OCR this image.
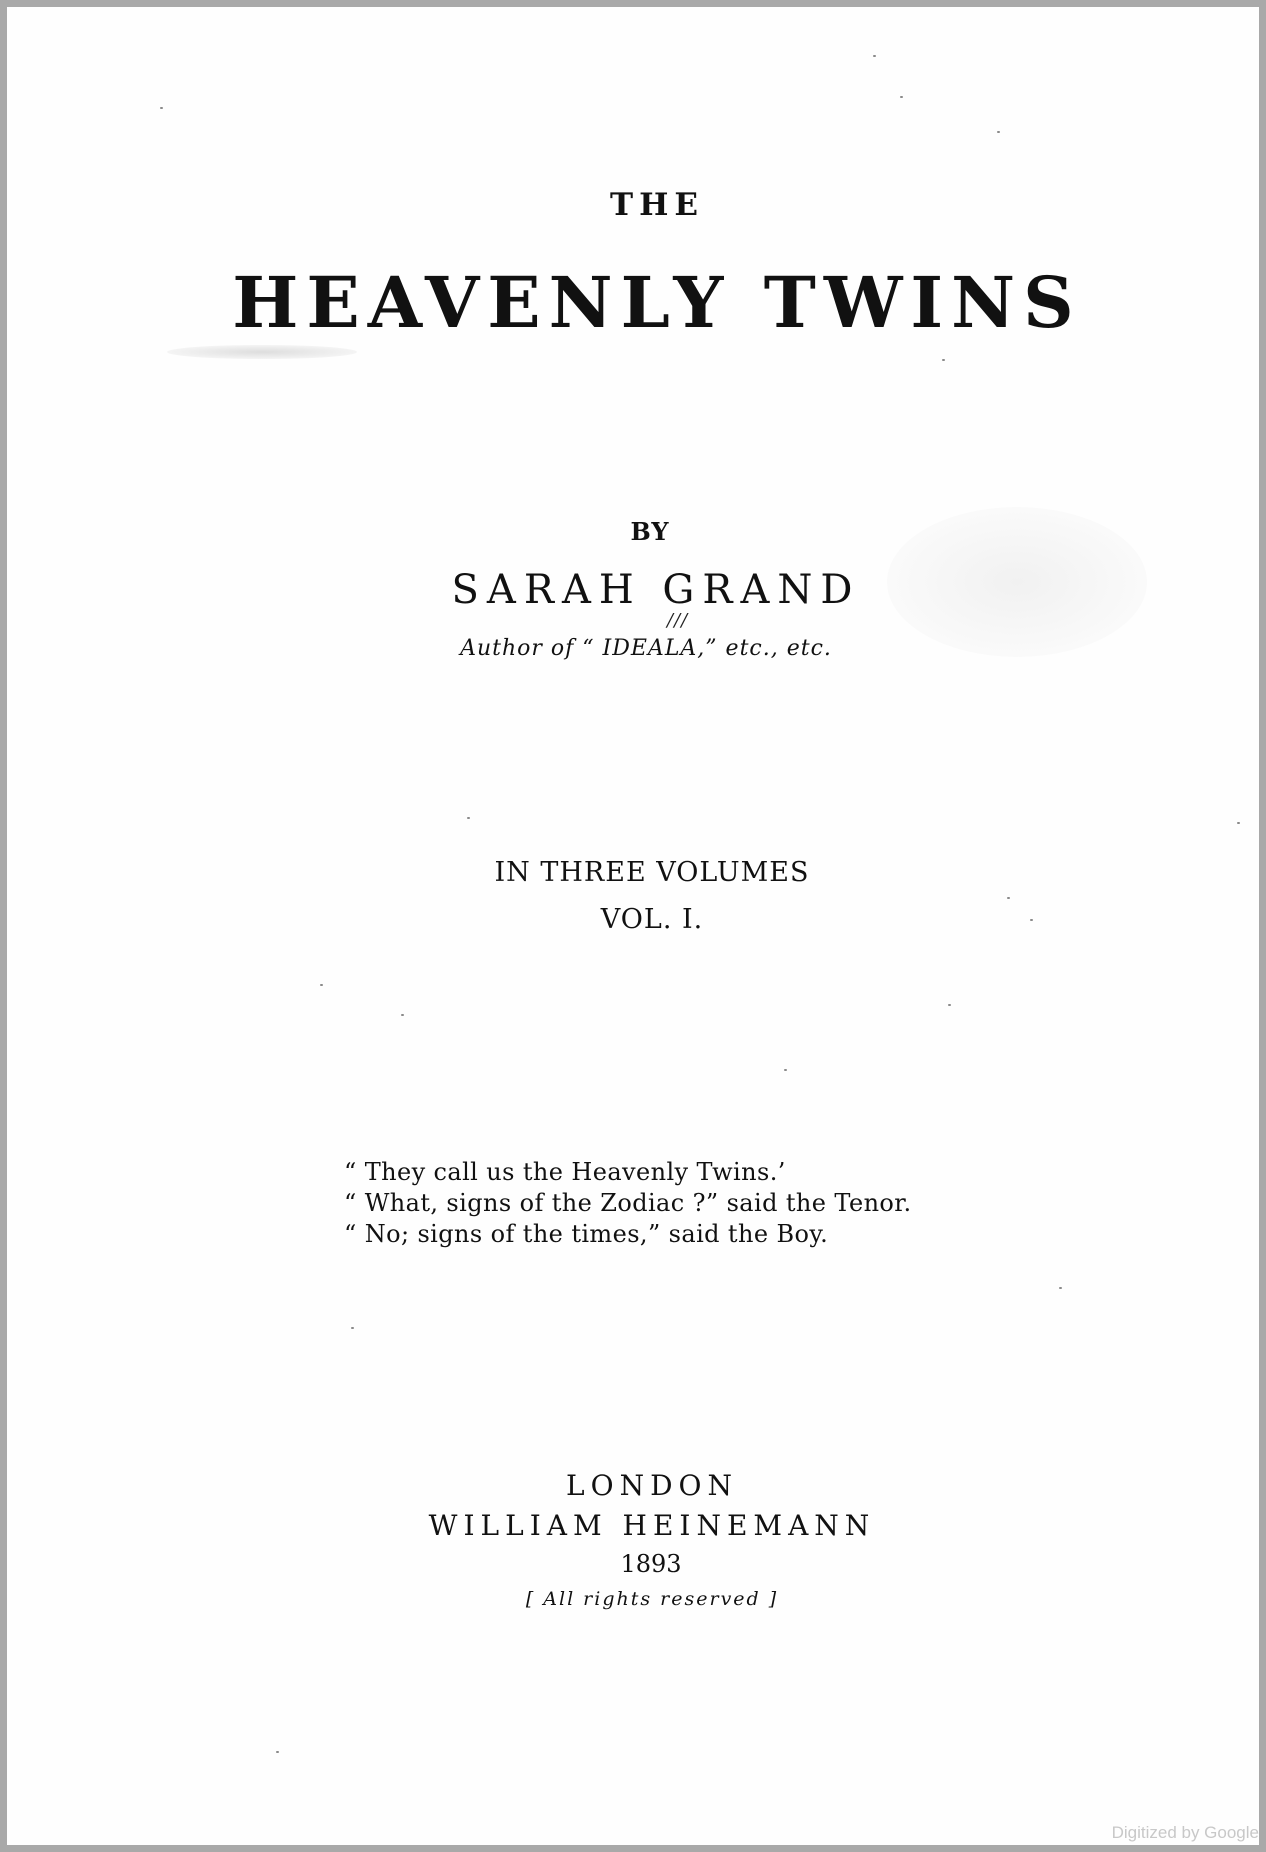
THE
HEAVENLY TWINS
BY
SARAH GRAND
///
Author of “ IDEALA,” etc., etc.
IN THREE VOLUMES
VOL. I.
“ They call us the Heavenly Twins.’
“ What, signs of the Zodiac ?” said the Tenor.
“ No; signs of the times,” said the Boy.
LONDON
WILLIAM HEINEMANN
1893
[ All rights reserved ]
Digitized by Google
